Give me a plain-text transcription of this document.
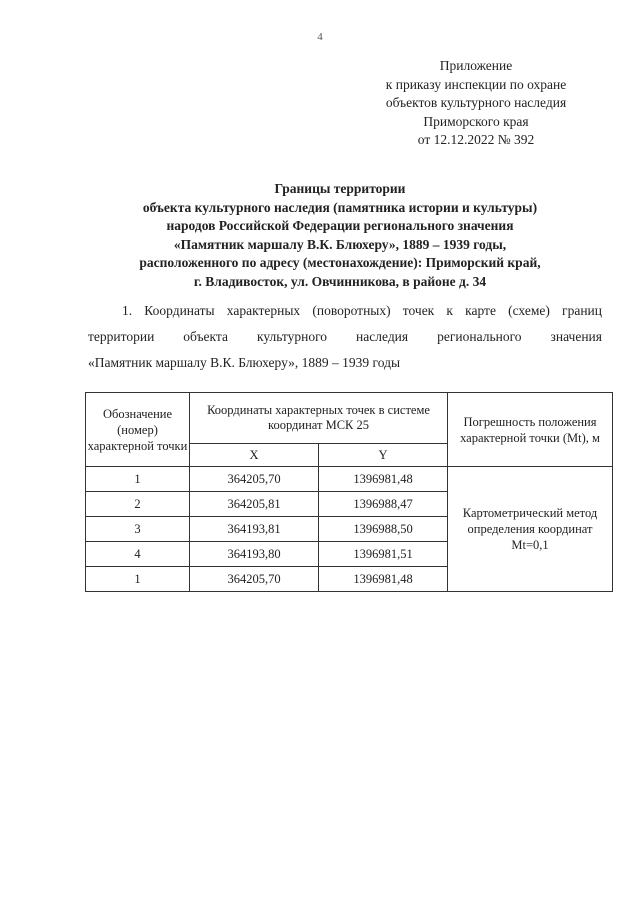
4
Приложение
к приказу инспекции по охране
объектов культурного наследия
Приморского края
от 12.12.2022 № 392
Границы территории
объекта культурного наследия (памятника истории и культуры)
народов Российской Федерации регионального значения
«Памятник маршалу В.К. Блюхеру», 1889 – 1939 годы,
расположенного по адресу (местонахождение): Приморский край,
г. Владивосток, ул. Овчинникова, в районе д. 34
1. Координаты характерных (поворотных) точек к карте (схеме) границ
территории объекта культурного наследия регионального значения
«Памятник маршалу В.К. Блюхеру», 1889 – 1939 годы
Обозначение (номер) характерной точки	Координаты характерных точек в системе координат МСК 25		Погрешность положения характерной точки (Mt), м
	X	Y	
1	364205,70	1396981,48	Картометрический метод определения координат Mt=0,1
2	364205,81	1396988,47	
3	364193,81	1396988,50	
4	364193,80	1396981,51	
1	364205,70	1396981,48	
